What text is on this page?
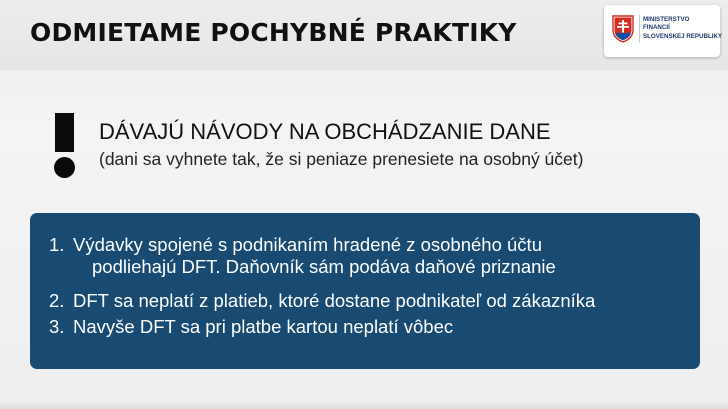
ODMIETAME POCHYBNÉ PRAKTIKY	MINISTERSTVO
FINANCIÍ
SLOVENSKEJ REPUBLIKY
DÁVAJÚ NÁVODY NA OBCHÁDZANIE DANE
(dani sa vyhnete tak, že si peniaze prenesiete na osobný účet)
1. Výdavky spojené s podnikaním hradené z osobného účtu
podliehajú DFT. Daňovník sám podáva daňové priznanie
2. DFT sa neplatí z platieb, ktoré dostane podnikateľ od zákazníka
3. Navyše DFT sa pri platbe kartou neplatí vôbec
